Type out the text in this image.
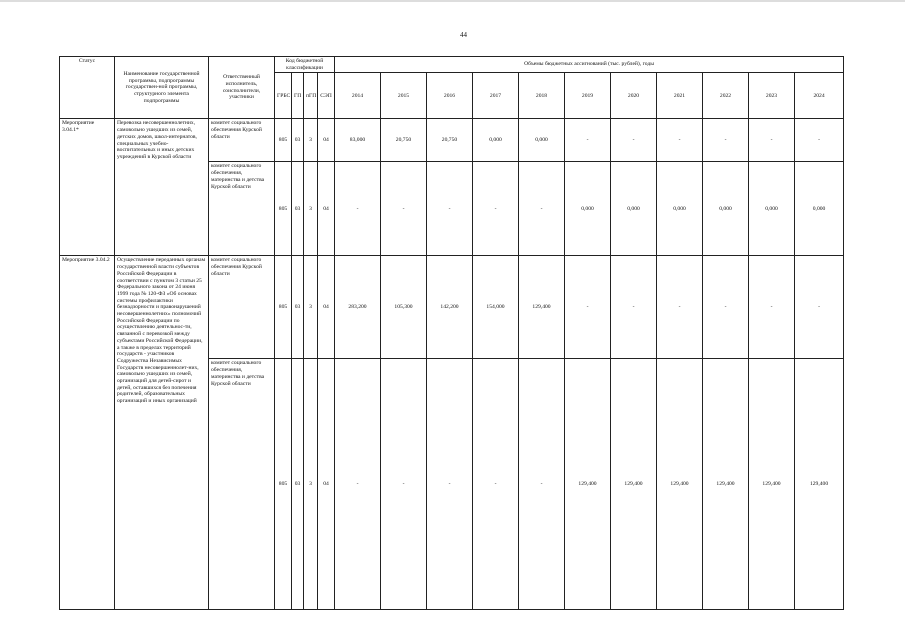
44
Статус	Наименование государственной программы, подпрограммы государствен-ной программы, структурного элемента подпрограммы	Ответственный исполнитель, соисполнители, участники	Код бюджетной классификации				Объемы бюджетных ассигнований (тыс. рублей), годы										
			ГРБС	ГП	пГП	СЭП	2014	2015	2016	2017	2018	2019	2020	2021	2022	2023	2024
Мероприятие 3.04.1*	Перевозка несовершеннолетних, самовольно ушедших из семей, детских домов, школ-интернатов, специальных учебно-воспитательных и иных детских учреждений в Курской области	комитет социального обеспечения Курской области	805	03	3	04	83,000	20,750	20,750	0,000	0,000	-	-	-	-	-	-
		комитет социального обеспечения, материнства и детства Курской области	805	03	3	04	-	-	-	-	-	0,000	0,000	0,000	0,000	0,000	0,000
Мероприятие 3.04.2	Осуществление переданных органам государственной власти субъектов Российской Федерации в соответствии с пунктом 3 статьи 25 Федерального закона от 24 июня 1999 года № 120-ФЗ «Об основах системы профилактики безнадзорности и правонарушений несовершеннолетних» полномочий Российской Федерации по осуществлению деятельнос-ти, связанной с перевозкой между субъектами Российской Федерации, а также в пределах территорий государств - участников Содружества Независимых Государств несовершеннолет-них, самовольно ушедших из семей, организаций для детей-сирот и детей, оставшихся без попечения родителей, образовательных организаций и иных организаций	комитет социального обеспечения Курской области	805	03	3	04	283,200	105,300	142,200	154,000	129,400	-	-	-	-	-	-
		комитет социального обеспечения, материнства и детства Курской области	805	03	3	04	-	-	-	-	-	129,400	129,400	129,400	129,400	129,400	129,400
